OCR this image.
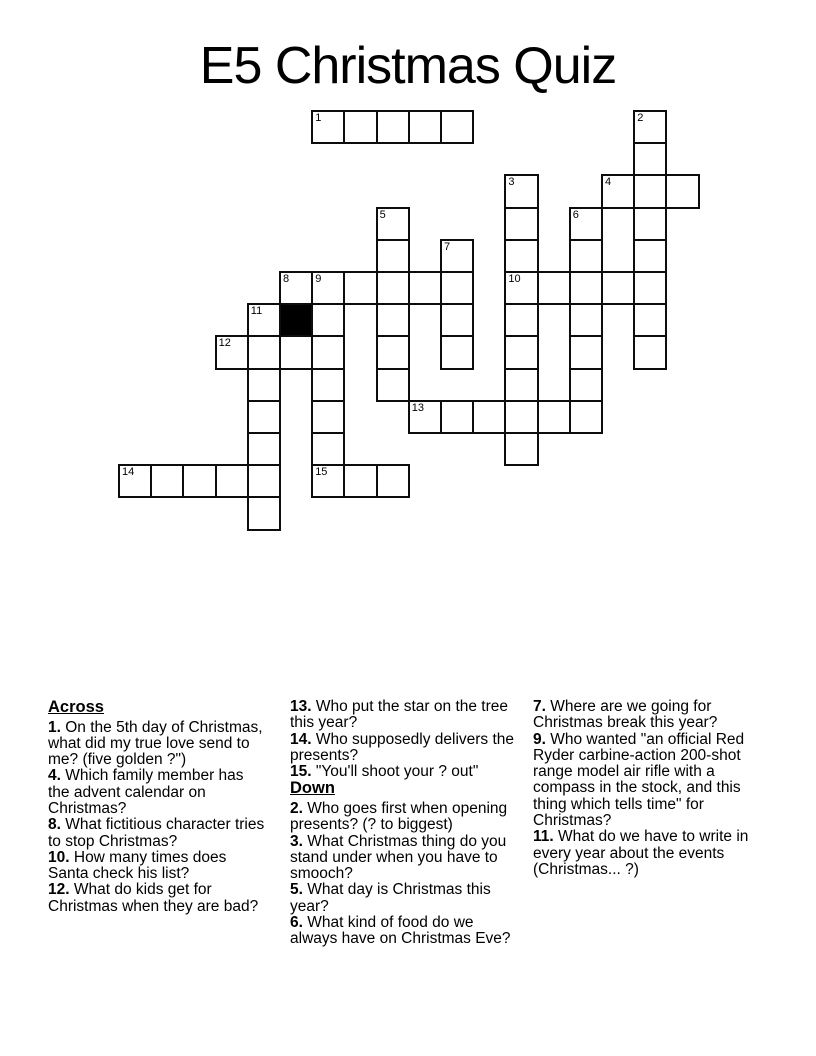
E5 Christmas Quiz
1	2
3	4
5	6
7
8 9	10
11
12
13
14	15

Across

1. On the 5th day of Christmas, what did my true love send to me? (five golden ?")

4. Which family member has the advent calendar on Christmas?

8. What fictitious character tries to stop Christmas?

10. How many times does Santa check his list?

12. What do kids get for Christmas when they are bad?

13. Who put the star on the tree this year?

14. Who supposedly delivers the presents?

15. "You'll shoot your ? out"

Down

2. Who goes first when opening presents? (? to biggest)

3. What Christmas thing do you stand under when you have to smooch?

5. What day is Christmas this year?

6. What kind of food do we always have on Christmas Eve?

7. Where are we going for Christmas break this year?

9. Who wanted "an official Red Ryder carbine-action 200-shot range model air rifle with a compass in the stock, and this thing which tells time" for Christmas?

11. What do we have to write in every year about the events (Christmas... ?)
